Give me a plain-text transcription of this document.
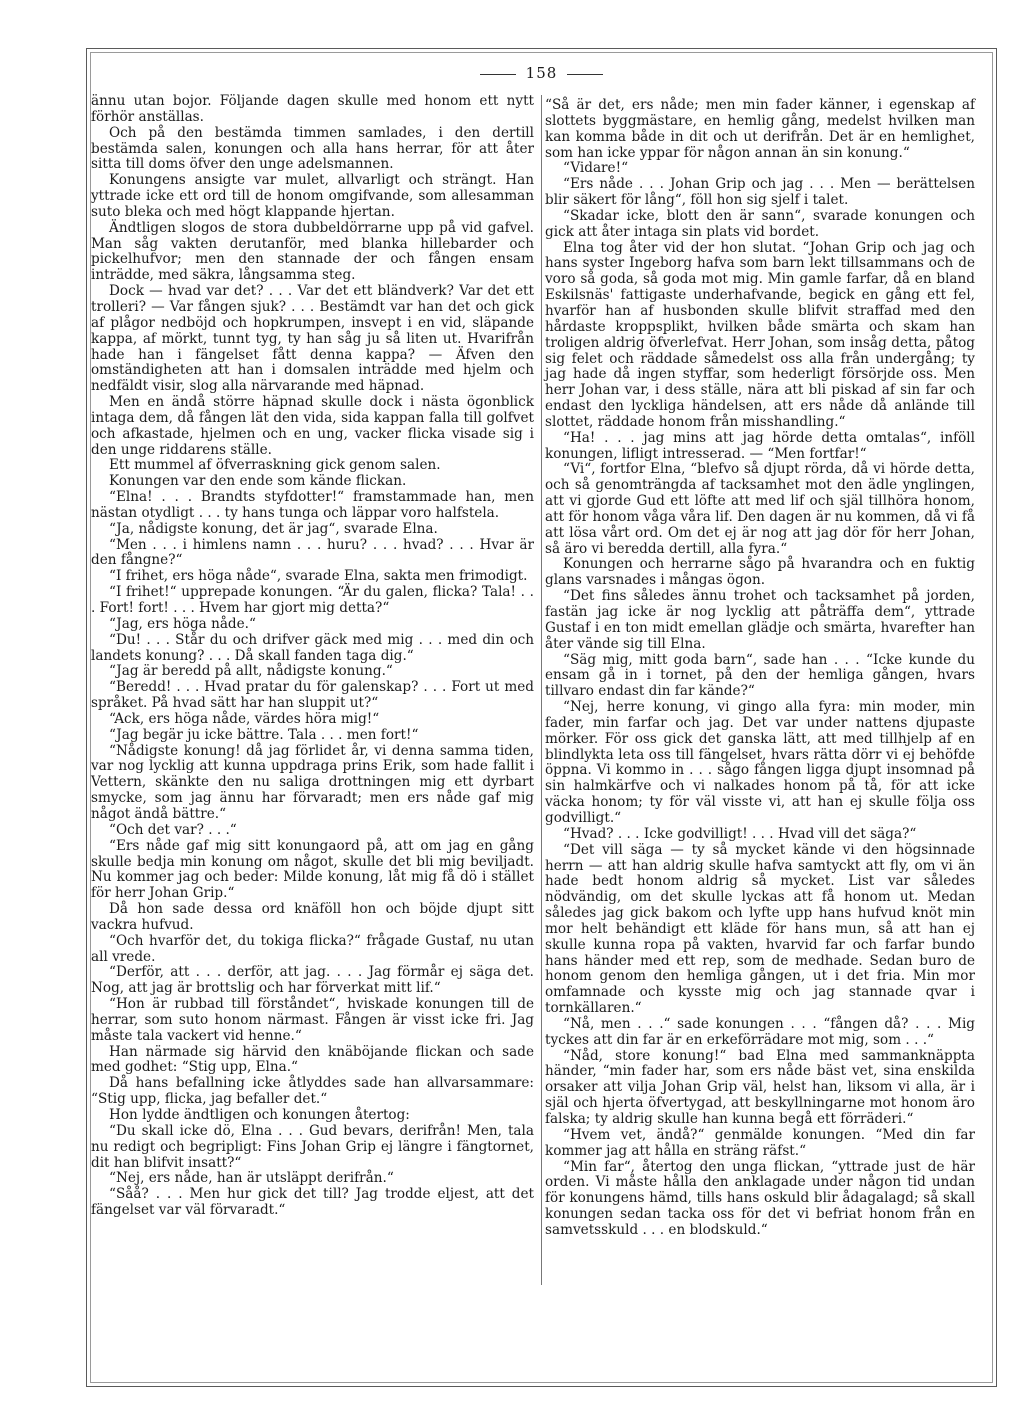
158

ännu utan bojor. Följande dagen skulle med honom ett nytt förhör anställas.

Och på den bestämda timmen samlades, i den dertill bestämda salen, konungen och alla hans herrar, för att åter sitta till doms öfver den unge adelsmannen.

Konungens ansigte var mulet, allvarligt och strängt. Han yttrade icke ett ord till de honom omgifvande, som allesamman suto bleka och med högt klappande hjertan.

Ändtligen slogos de stora dubbeldörrarne upp på vid gafvel. Man såg vakten derutanför, med blanka hillebarder och pickelhufvor; men den stannade der och fången ensam inträdde, med säkra, långsamma steg.

Dock — hvad var det? . . . Var det ett bländverk? Var det ett trolleri? — Var fången sjuk? . . . Bestämdt var han det och gick af plågor nedböjd och hopkrumpen, insvept i en vid, släpande kappa, af mörkt, tunnt tyg, ty han såg ju så liten ut. Hvarifrån hade han i fängelset fått denna kappa? — Äfven den omständigheten att han i domsalen inträdde med hjelm och nedfäldt visir, slog alla närvarande med häpnad.

Men en ändå större häpnad skulle dock i nästa ögonblick intaga dem, då fången lät den vida, sida kappan falla till golfvet och afkastade, hjelmen och en ung, vacker flicka visade sig i den unge riddarens ställe.

Ett mummel af öfverraskning gick genom salen.

Konungen var den ende som kände flickan.

“Elna! . . . Brandts styfdotter!“ framstammade han, men nästan otydligt . . . ty hans tunga och läppar voro halfstela.

“Ja, nådigste konung, det är jag“, svarade Elna.

“Men . . . i himlens namn . . . huru? . . . hvad? . . . Hvar är den fångne?“

“I frihet, ers höga nåde“, svarade Elna, sakta men frimodigt.

“I frihet!“ upprepade konungen. “Är du galen, flicka? Tala! . . . Fort! fort! . . . Hvem har gjort mig detta?“

“Jag, ers höga nåde.“

“Du! . . . Står du och drifver gäck med mig . . . med din och landets konung? . . . Då skall fanden taga dig.“

“Jag är beredd på allt, nådigste konung.“

“Beredd! . . . Hvad pratar du för galenskap? . . . Fort ut med språket. På hvad sätt har han sluppit ut?“

“Ack, ers höga nåde, värdes höra mig!“

“Jag begär ju icke bättre. Tala . . . men fort!“

“Nådigste konung! då jag förlidet år, vi denna samma tiden, var nog lycklig att kunna uppdraga prins Erik, som hade fallit i Vettern, skänkte den nu saliga drottningen mig ett dyrbart smycke, som jag ännu har förvaradt; men ers nåde gaf mig något ändå bättre.“

“Och det var? . . .“

“Ers nåde gaf mig sitt konungaord på, att om jag en gång skulle bedja min konung om något, skulle det bli mig beviljadt. Nu kommer jag och beder: Milde konung, låt mig få dö i stället för herr Johan Grip.“

Då hon sade dessa ord knäföll hon och böjde djupt sitt vackra hufvud.

“Och hvarför det, du tokiga flicka?“ frågade Gustaf, nu utan all vrede.

“Derför, att . . . derför, att jag. . . . Jag förmår ej säga det. Nog, att jag är brottslig och har förverkat mitt lif.“

“Hon är rubbad till förståndet“, hviskade konungen till de herrar, som suto honom närmast. Fången är visst icke fri. Jag måste tala vackert vid henne.“

Han närmade sig härvid den knäböjande flickan och sade med godhet: “Stig upp, Elna.“

Då hans befallning icke åtlyddes sade han allvarsammare: “Stig upp, flicka, jag befaller det.“

Hon lydde ändtligen och konungen återtog:

“Du skall icke dö, Elna . . . Gud bevars, derifrån! Men, tala nu redigt och begripligt: Fins Johan Grip ej längre i fängtornet, dit han blifvit insatt?“

“Nej, ers nåde, han är utsläppt derifrån.“

“Såå? . . . Men hur gick det till? Jag trodde eljest, att det fängelset var väl förvaradt.“

“Så är det, ers nåde; men min fader känner, i egenskap af slottets byggmästare, en hemlig gång, medelst hvilken man kan komma både in dit och ut derifrån. Det är en hemlighet, som han icke yppar för någon annan än sin konung.“

“Vidare!“

“Ers nåde . . . Johan Grip och jag . . . Men — berättelsen blir säkert för lång“, föll hon sig sjelf i talet.

“Skadar icke, blott den är sann“, svarade konungen och gick att åter intaga sin plats vid bordet.

Elna tog åter vid der hon slutat. “Johan Grip och jag och hans syster Ingeborg hafva som barn lekt tillsammans och de voro så goda, så goda mot mig. Min gamle farfar, då en bland Eskilsnäs' fattigaste underhafvande, begick en gång ett fel, hvarför han af husbonden skulle blifvit straffad med den hårdaste kroppsplikt, hvilken både smärta och skam han troligen aldrig öfverlefvat. Herr Johan, som insåg detta, påtog sig felet och räddade såmedelst oss alla från undergång; ty jag hade då ingen styffar, som hederligt försörjde oss. Men herr Johan var, i dess ställe, nära att bli piskad af sin far och endast den lyckliga händelsen, att ers nåde då anlände till slottet, räddade honom från misshandling.“

“Ha! . . . jag mins att jag hörde detta omtalas“, inföll konungen, lifligt intresserad. — “Men fortfar!“

“Vi“, fortfor Elna, “blefvo så djupt rörda, då vi hörde detta, och så genomträngda af tacksamhet mot den ädle ynglingen, att vi gjorde Gud ett löfte att med lif och själ tillhöra honom, att för honom våga våra lif. Den dagen är nu kommen, då vi få att lösa vårt ord. Om det ej är nog att jag dör för herr Johan, så äro vi beredda dertill, alla fyra.“

Konungen och herrarne sågo på hvarandra och en fuktig glans varsnades i mångas ögon.

“Det fins således ännu trohet och tacksamhet på jorden, fastän jag icke är nog lycklig att påträffa dem“, yttrade Gustaf i en ton midt emellan glädje och smärta, hvarefter han åter vände sig till Elna.

“Säg mig, mitt goda barn“, sade han . . . “Icke kunde du ensam gå in i tornet, på den der hemliga gången, hvars tillvaro endast din far kände?“

“Nej, herre konung, vi gingo alla fyra: min moder, min fader, min farfar och jag. Det var under nattens djupaste mörker. För oss gick det ganska lätt, att med tillhjelp af en blindlykta leta oss till fängelset, hvars rätta dörr vi ej behöfde öppna. Vi kommo in . . . sågo fången ligga djupt insomnad på sin halmkärfve och vi nalkades honom på tå, för att icke väcka honom; ty för väl visste vi, att han ej skulle följa oss godvilligt.“

“Hvad? . . . Icke godvilligt! . . . Hvad vill det säga?“

“Det vill säga — ty så mycket kände vi den högsinnade herrn — att han aldrig skulle hafva samtyckt att fly, om vi än hade bedt honom aldrig så mycket. List var således nödvändig, om det skulle lyckas att få honom ut. Medan således jag gick bakom och lyfte upp hans hufvud knöt min mor helt behändigt ett kläde för hans mun, så att han ej skulle kunna ropa på vakten, hvarvid far och farfar bundo hans händer med ett rep, som de medhade. Sedan buro de honom genom den hemliga gången, ut i det fria. Min mor omfamnade och kysste mig och jag stannade qvar i tornkällaren.“

“Nå, men . . .“ sade konungen . . . “fången då? . . . Mig tyckes att din far är en erkeförrädare mot mig, som . . .“

“Nåd, store konung!“ bad Elna med sammanknäppta händer, “min fader har, som ers nåde bäst vet, sina enskilda orsaker att vilja Johan Grip väl, helst han, liksom vi alla, är i själ och hjerta öfvertygad, att beskyllningarne mot honom äro falska; ty aldrig skulle han kunna begå ett förräderi.“

“Hvem vet, ändå?“ genmälde konungen. “Med din far kommer jag att hålla en sträng räfst.“

“Min far“, återtog den unga flickan, “yttrade just de här orden. Vi måste hålla den anklagade under någon tid undan för konungens hämd, tills hans oskuld blir ådagalagd; så skall konungen sedan tacka oss för det vi befriat honom från en samvetsskuld . . . en blodskuld.“
